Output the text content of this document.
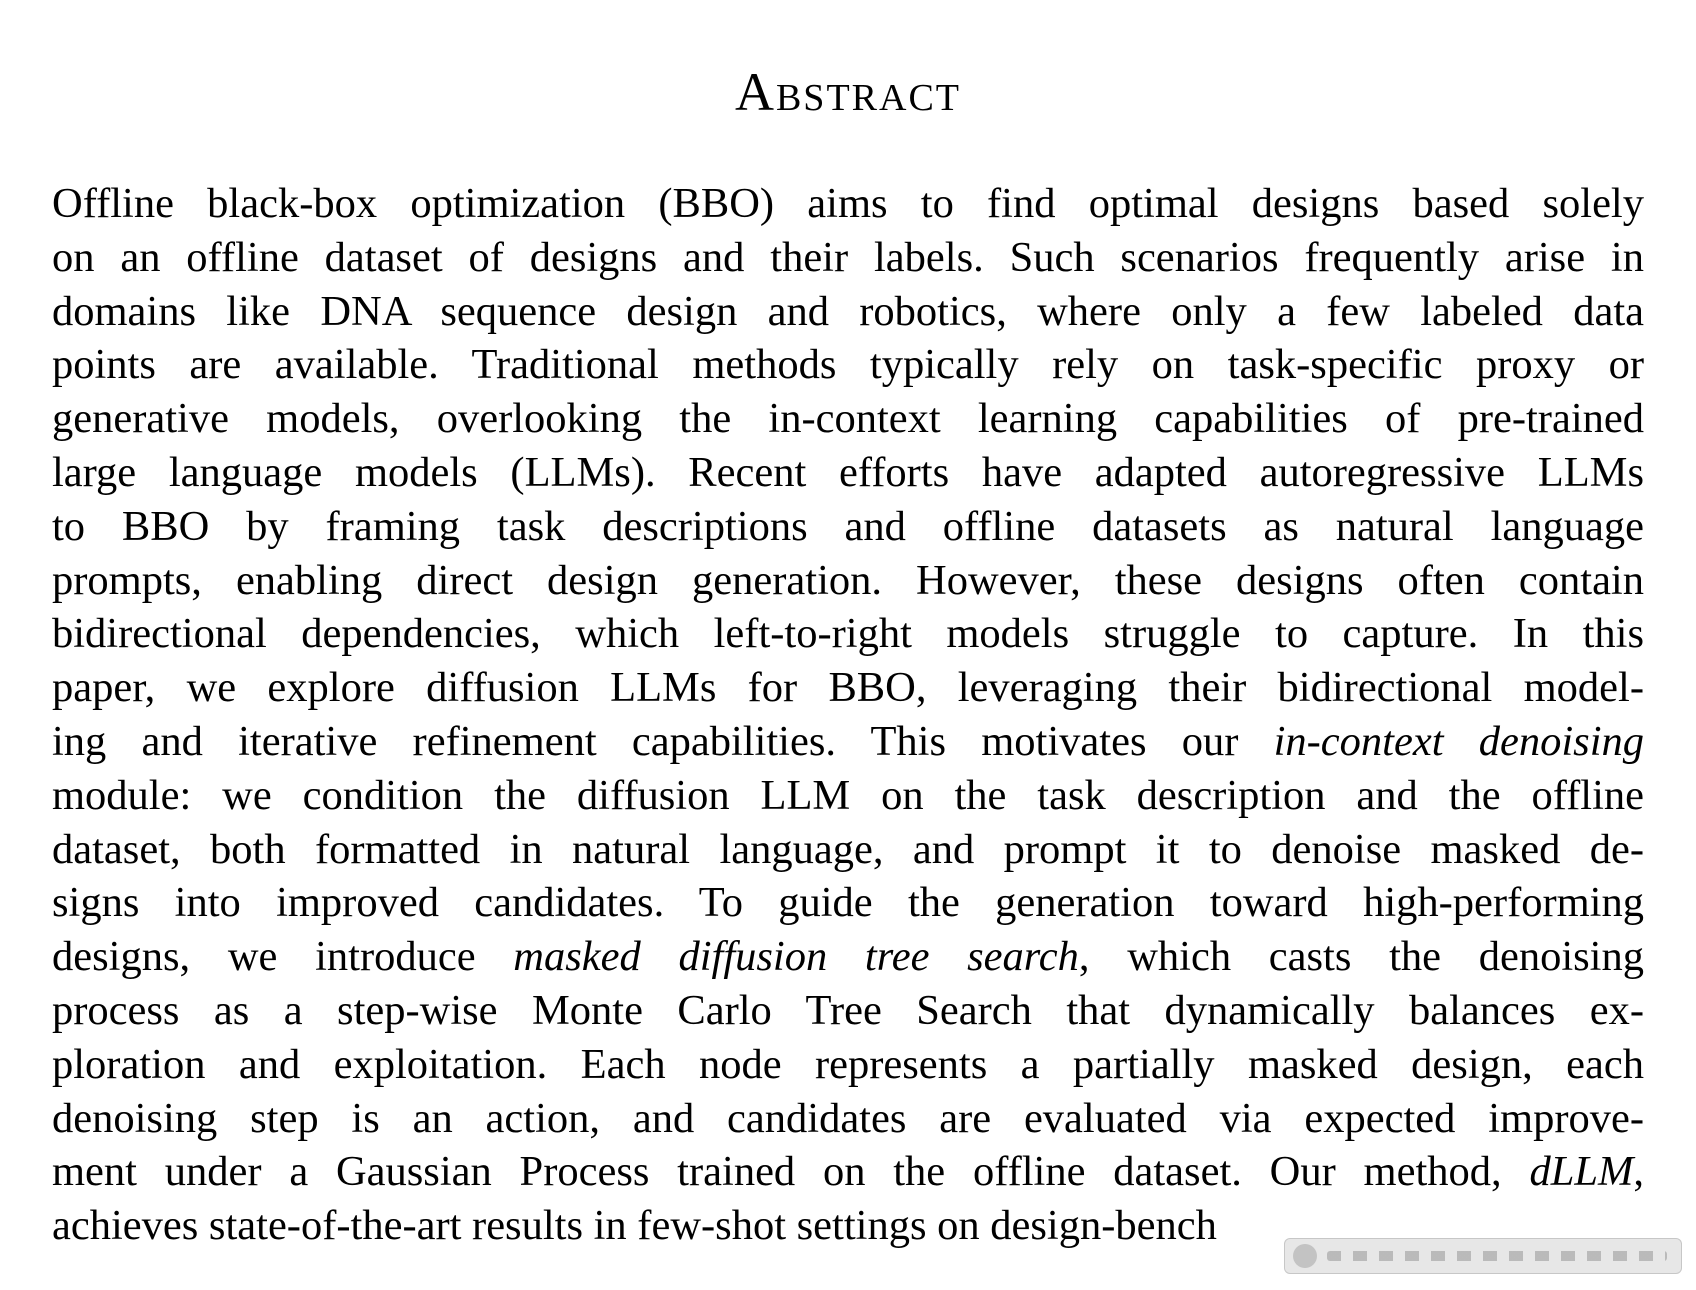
Abstract
Offline black-box optimization (BBO) aims to find optimal designs based solely
on an offline dataset of designs and their labels. Such scenarios frequently arise in
domains like DNA sequence design and robotics, where only a few labeled data
points are available. Traditional methods typically rely on task-specific proxy or
generative models, overlooking the in-context learning capabilities of pre-trained
large language models (LLMs). Recent efforts have adapted autoregressive LLMs
to BBO by framing task descriptions and offline datasets as natural language
prompts, enabling direct design generation. However, these designs often contain
bidirectional dependencies, which left-to-right models struggle to capture. In this
paper, we explore diffusion LLMs for BBO, leveraging their bidirectional model-
ing and iterative refinement capabilities. This motivates our in-context denoising
module: we condition the diffusion LLM on the task description and the offline
dataset, both formatted in natural language, and prompt it to denoise masked de-
signs into improved candidates. To guide the generation toward high-performing
designs, we introduce masked diffusion tree search, which casts the denoising
process as a step-wise Monte Carlo Tree Search that dynamically balances ex-
ploration and exploitation. Each node represents a partially masked design, each
denoising step is an action, and candidates are evaluated via expected improve-
ment under a Gaussian Process trained on the offline dataset. Our method, dLLM,
achieves state-of-the-art results in few-shot settings on design-bench
